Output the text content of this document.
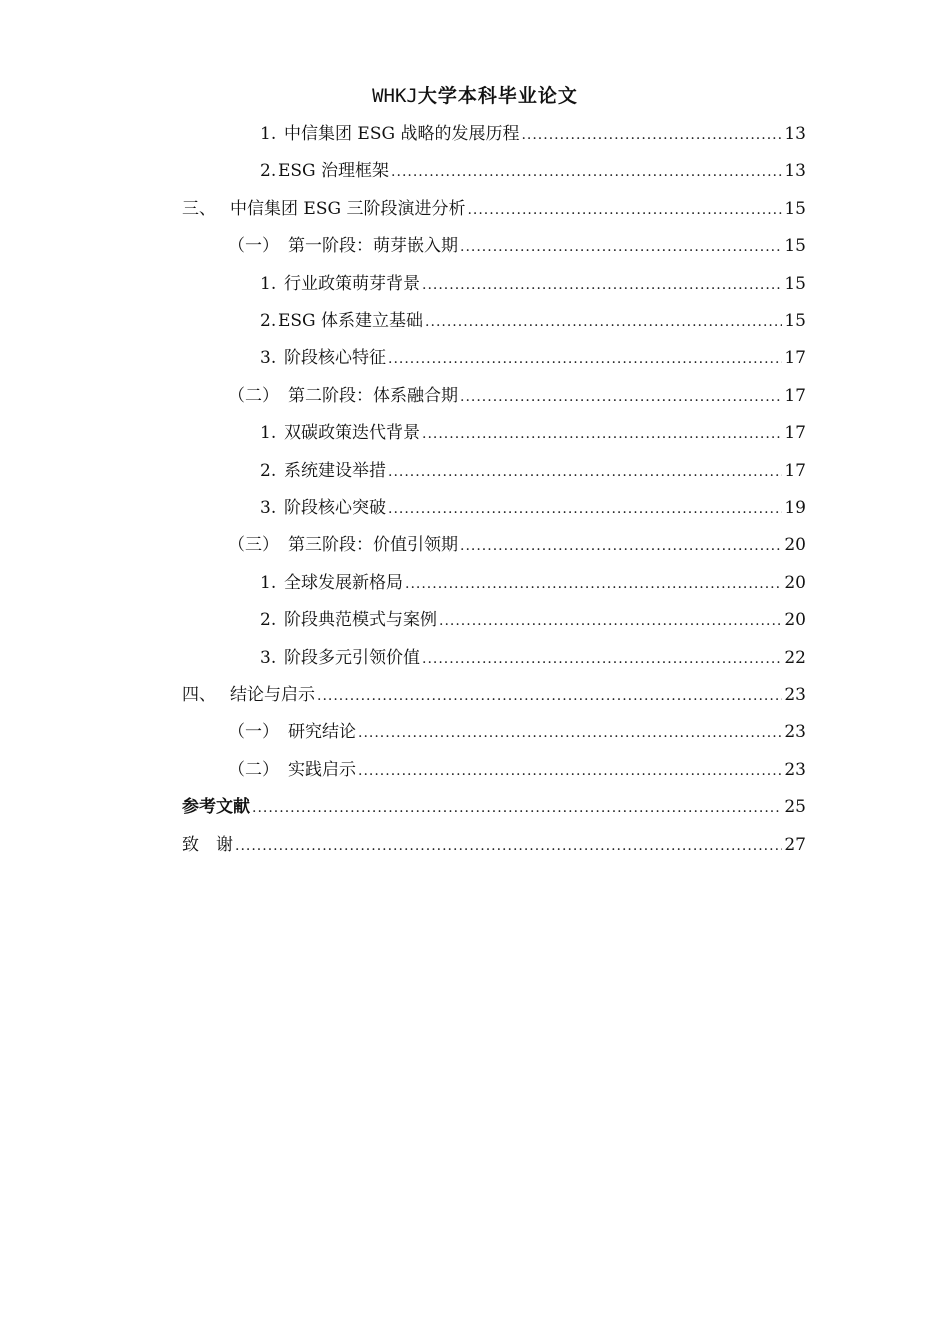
WHKJ大学本科毕业论文
1. 中信集团 ESG 战略的发展历程 .....	13
2. ESG 治理框架 .....	13
三、 中信集团 ESG 三阶段演进分析 .....	15
（一） 第一阶段：萌芽嵌入期 .....	15
1. 行业政策萌芽背景 .....	15
2. ESG 体系建立基础 .....	15
3. 阶段核心特征 .....	17
（二） 第二阶段：体系融合期 .....	17
1. 双碳政策迭代背景 .....	17
2. 系统建设举措 .....	17
3. 阶段核心突破 .....	19
（三） 第三阶段：价值引领期 .....	20
1. 全球发展新格局 .....	20
2. 阶段典范模式与案例 .....	20
3. 阶段多元引领价值 .....	22
四、 结论与启示 .....	23
（一） 研究结论 .....	23
（二） 实践启示 .....	23
参考文献 .....	25
致　谢 .....	27
